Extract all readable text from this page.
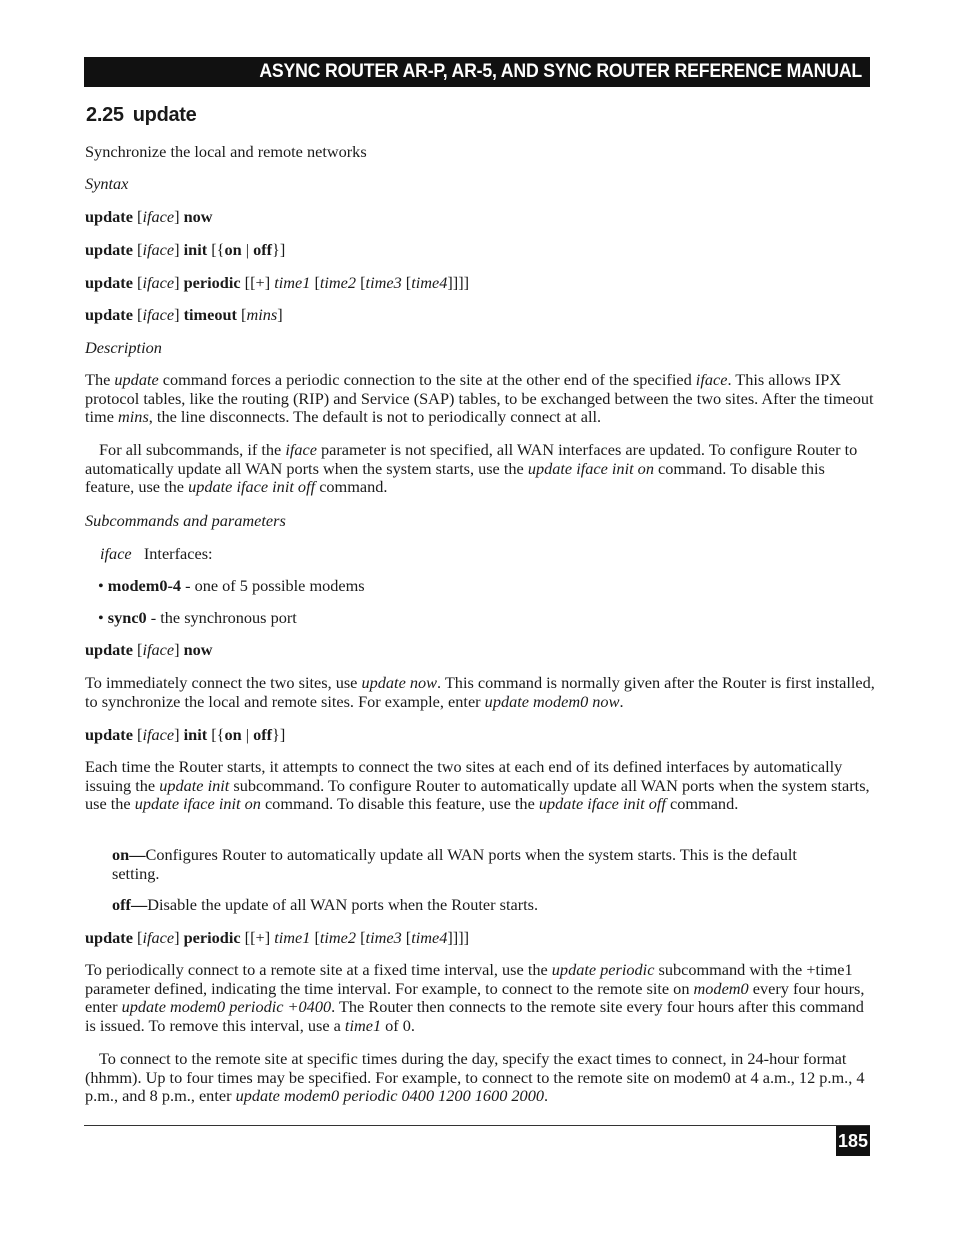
ASYNC ROUTER AR-P, AR-5, AND SYNC ROUTER REFERENCE MANUAL
2.25 update
Synchronize the local and remote networks
Syntax
update [iface] now
update [iface] init [{on | off}]
update [iface] periodic [[+] time1 [time2 [time3 [time4]]]]
update [iface] timeout [mins]
Description
The update command forces a periodic connection to the site at the other end of the specified iface. This allows IPX protocol tables, like the routing (RIP) and Service (SAP) tables, to be exchanged between the two sites. After the timeout time mins, the line disconnects. The default is not to periodically connect at all.
For all subcommands, if the iface parameter is not specified, all WAN interfaces are updated. To configure Router to automatically update all WAN ports when the system starts, use the update iface init on command. To disable this feature, use the update iface init off command.
Subcommands and parameters
iface Interfaces:
• modem0-4 - one of 5 possible modems
• sync0 - the synchronous port
update [iface] now
To immediately connect the two sites, use update now. This command is normally given after the Router is first installed, to synchronize the local and remote sites. For example, enter update modem0 now.
update [iface] init [{on | off}]
Each time the Router starts, it attempts to connect the two sites at each end of its defined interfaces by automatically issuing the update init subcommand. To configure Router to automatically update all WAN ports when the system starts, use the update iface init on command. To disable this feature, use the update iface init off command.
on—Configures Router to automatically update all WAN ports when the system starts. This is the default setting.
off—Disable the update of all WAN ports when the Router starts.
update [iface] periodic [[+] time1 [time2 [time3 [time4]]]]
To periodically connect to a remote site at a fixed time interval, use the update periodic subcommand with the +time1 parameter defined, indicating the time interval. For example, to connect to the remote site on modem0 every four hours, enter update modem0 periodic +0400. The Router then connects to the remote site every four hours after this command is issued. To remove this interval, use a time1 of 0.
To connect to the remote site at specific times during the day, specify the exact times to connect, in 24-hour format (hhmm). Up to four times may be specified. For example, to connect to the remote site on modem0 at 4 a.m., 12 p.m., 4 p.m., and 8 p.m., enter update modem0 periodic 0400 1200 1600 2000.
185
